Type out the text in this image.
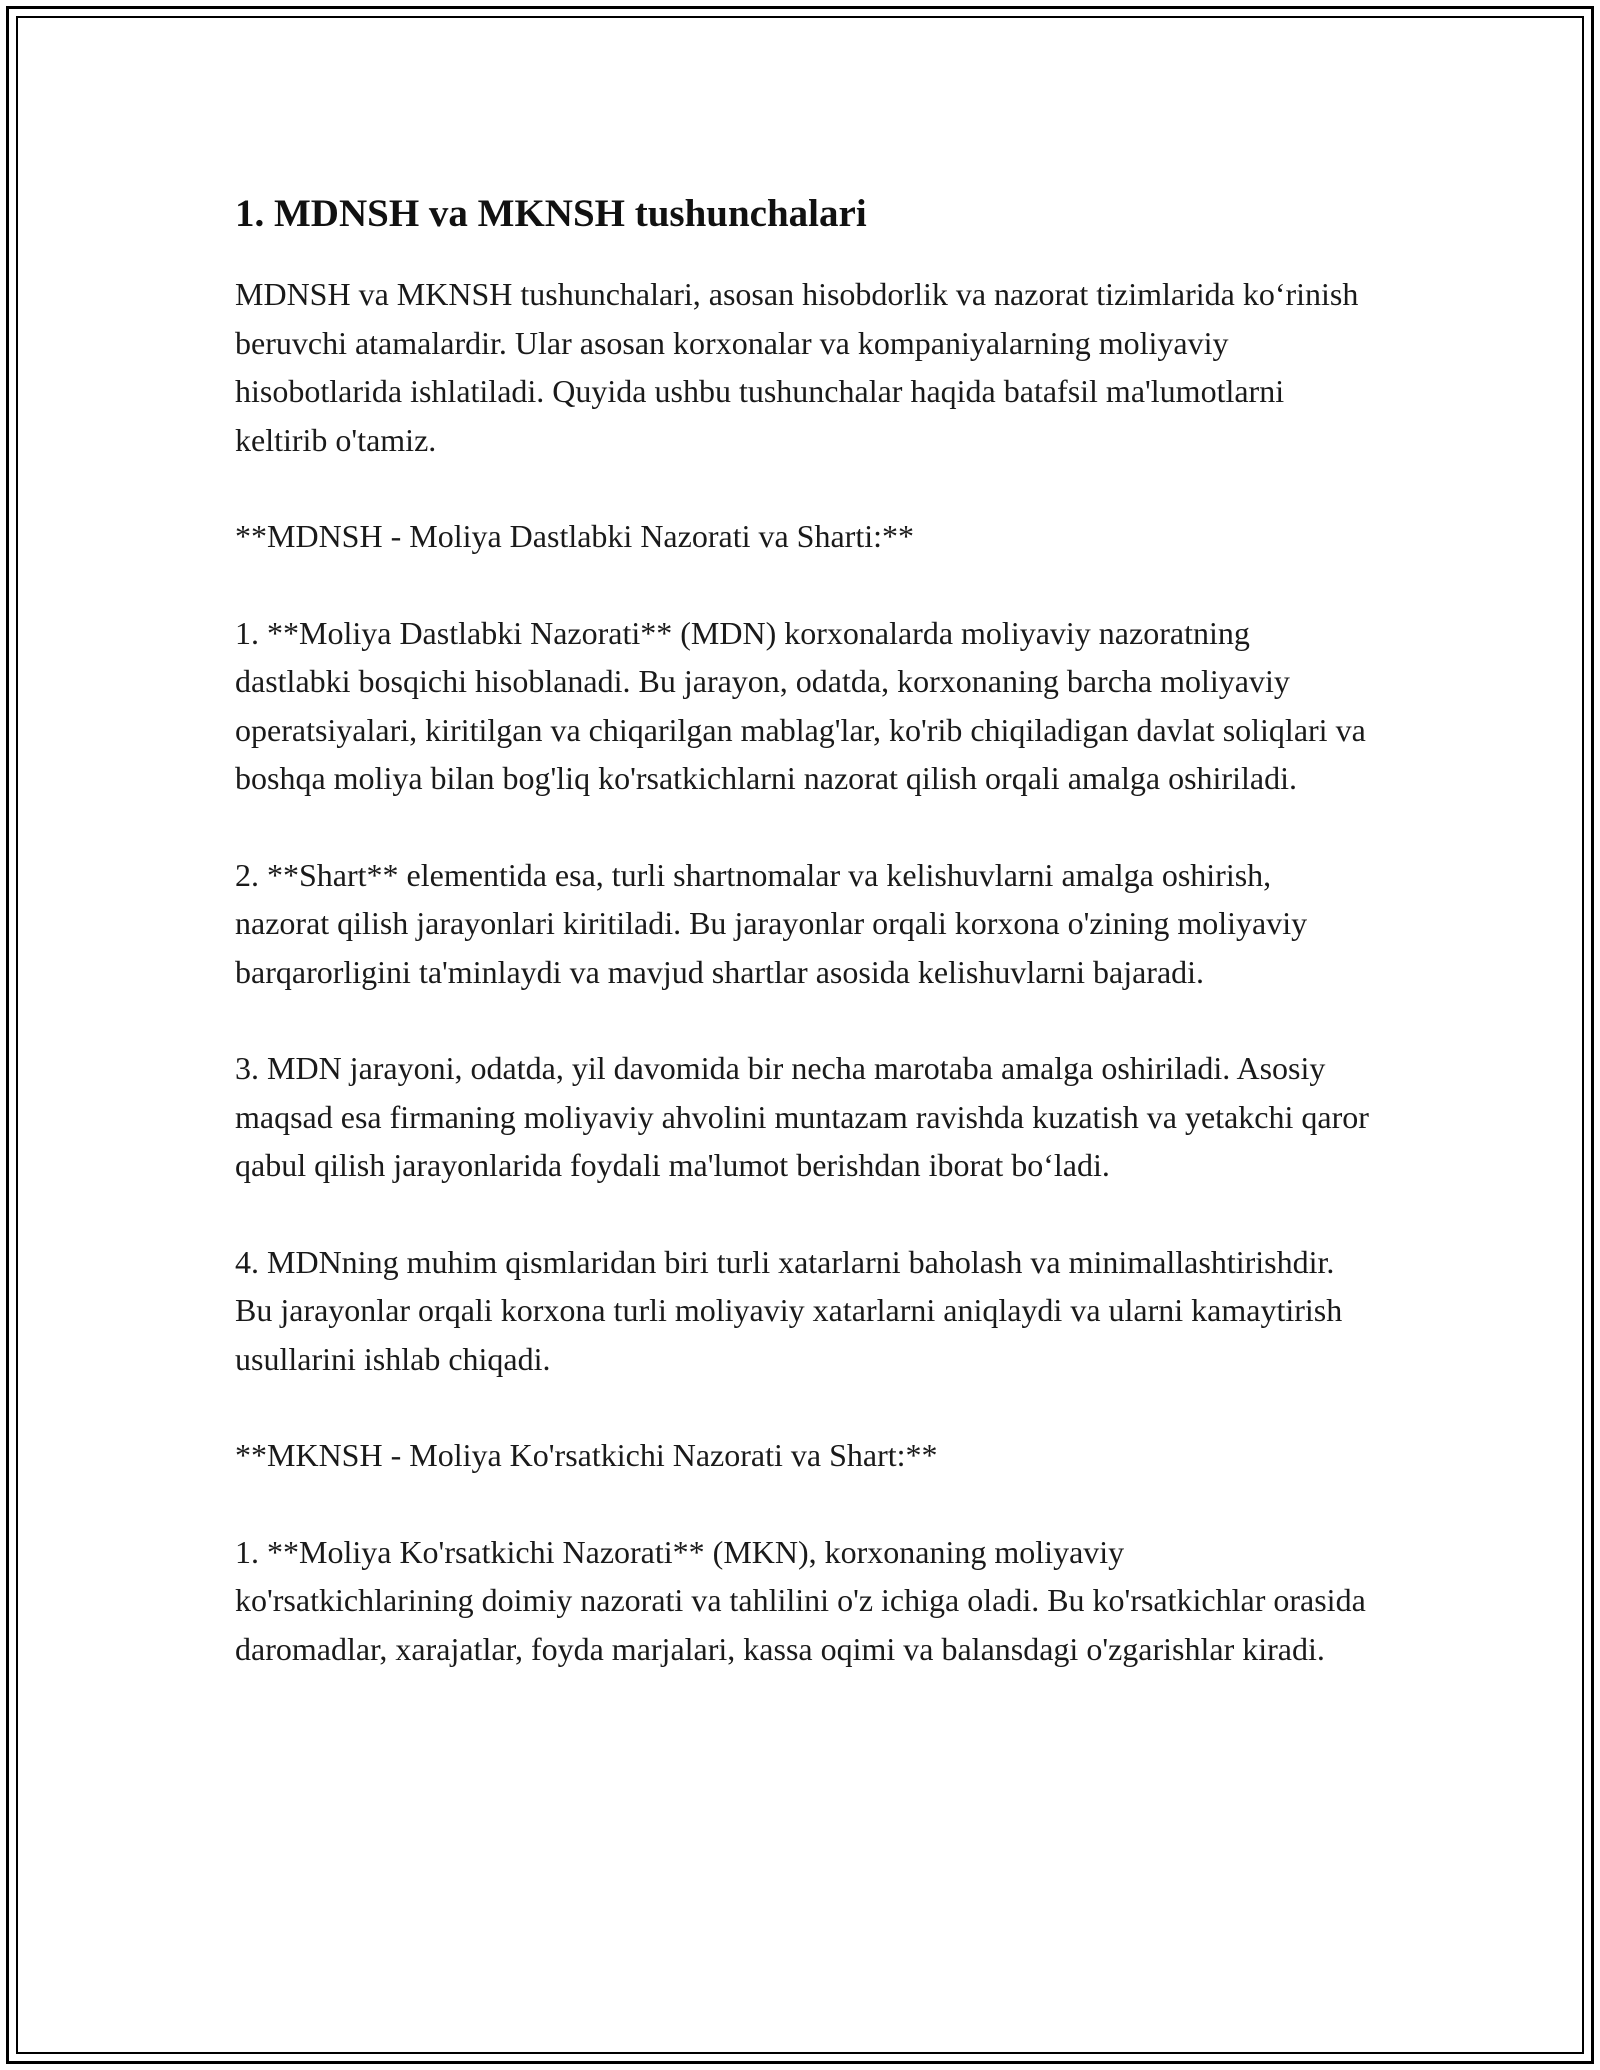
1. MDNSH va MKNSH tushunchalari

MDNSH va MKNSH tushunchalari, asosan hisobdorlik va nazorat tizimlarida ko‘rinish beruvchi atamalardir. Ular asosan korxonalar va kompaniyalarning moliyaviy hisobotlarida ishlatiladi. Quyida ushbu tushunchalar haqida batafsil ma'lumotlarni keltirib o'tamiz.

**MDNSH - Moliya Dastlabki Nazorati va Sharti:**

1. **Moliya Dastlabki Nazorati** (MDN) korxonalarda moliyaviy nazoratning dastlabki bosqichi hisoblanadi. Bu jarayon, odatda, korxonaning barcha moliyaviy operatsiyalari, kiritilgan va chiqarilgan mablag'lar, ko'rib chiqiladigan davlat soliqlari va boshqa moliya bilan bog'liq ko'rsatkichlarni nazorat qilish orqali amalga oshiriladi.

2. **Shart** elementida esa, turli shartnomalar va kelishuvlarni amalga oshirish, nazorat qilish jarayonlari kiritiladi. Bu jarayonlar orqali korxona o'zining moliyaviy barqarorligini ta'minlaydi va mavjud shartlar asosida kelishuvlarni bajaradi.

3. MDN jarayoni, odatda, yil davomida bir necha marotaba amalga oshiriladi. Asosiy maqsad esa firmaning moliyaviy ahvolini muntazam ravishda kuzatish va yetakchi qaror qabul qilish jarayonlarida foydali ma'lumot berishdan iborat bo‘ladi.

4. MDNning muhim qismlaridan biri turli xatarlarni baholash va minimallashtirishdir. Bu jarayonlar orqali korxona turli moliyaviy xatarlarni aniqlaydi va ularni kamaytirish usullarini ishlab chiqadi.

**MKNSH - Moliya Ko'rsatkichi Nazorati va Shart:**

1. **Moliya Ko'rsatkichi Nazorati** (MKN), korxonaning moliyaviy ko'rsatkichlarining doimiy nazorati va tahlilini o'z ichiga oladi. Bu ko'rsatkichlar orasida daromadlar, xarajatlar, foyda marjalari, kassa oqimi va balansdagi o'zgarishlar kiradi.
